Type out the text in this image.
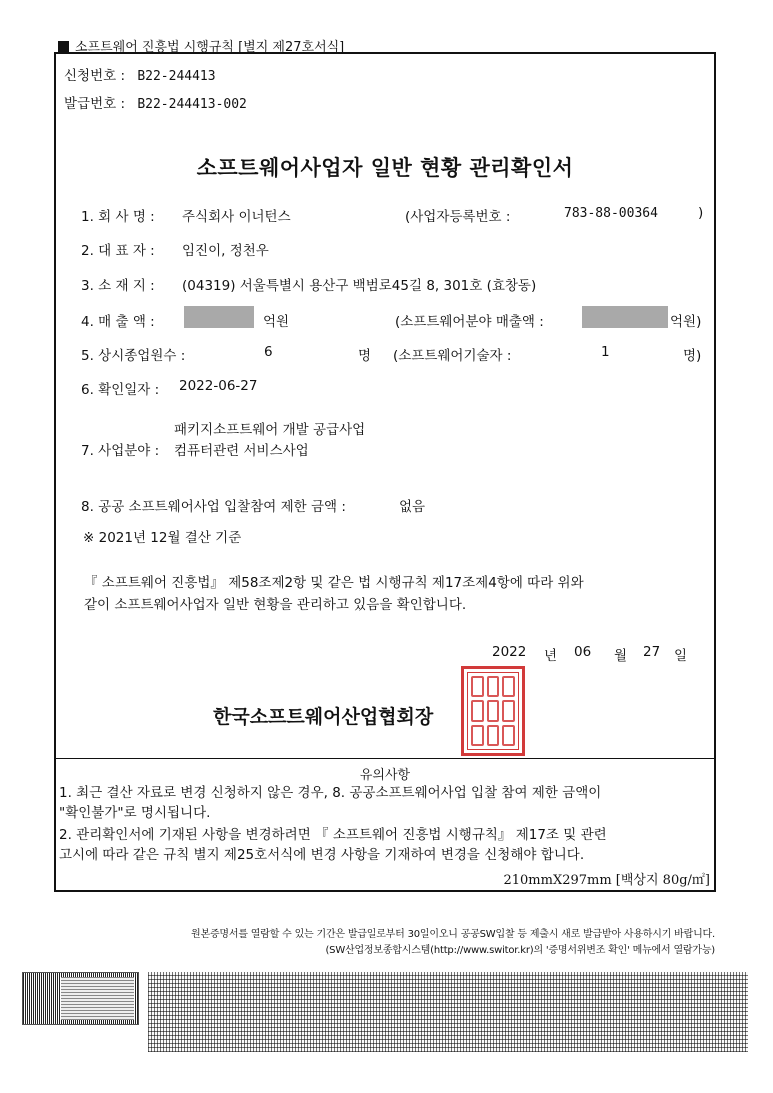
소프트웨어 진흥법 시행규칙 [별지 제27호서식]
신청번호 : B22-244413
발급번호 : B22-244413-002
소프트웨어사업자 일반 현황 관리확인서
1. 회 사 명 : 주식회사 이너턴스	(사업자등록번호 :	783-88-00364	)
2. 대 표 자 : 임진이, 정천우
3. 소 재 지 : (04319) 서울특별시 용산구 백범로45길 8, 301호 (효창동)
4. 매 출 액 :	억원	(소프트웨어분야 매출액 :	억원)
5. 상시종업원수 :	6	명 (소프트웨어기술자 :	1	명)
6. 확인일자 : 2022-06-27
패키지소프트웨어 개발 공급사업
7. 사업분야 : 컴퓨터관련 서비스사업
8. 공공 소프트웨어사업 입찰참여 제한 금액 :	없음
※ 2021년 12월 결산 기준
『 소프트웨어 진흥법』 제58조제2항 및 같은 법 시행규칙 제17조제4항에 따라 위와
같이 소프트웨어사업자 일반 현황을 관리하고 있음을 확인합니다.
2022 년 06 월 27 일
한국소프트웨어산업협회장
유의사항
1. 최근 결산 자료로 변경 신청하지 않은 경우, 8. 공공소프트웨어사업 입찰 참여 제한 금액이
"확인불가"로 명시됩니다.
2. 관리확인서에 기재된 사항을 변경하려면 『 소프트웨어 진흥법 시행규칙』 제17조 및 관련
고시에 따라 같은 규칙 별지 제25호서식에 변경 사항을 기재하여 변경을 신청해야 합니다.
210mmX297mm [백상지 80g/㎡]
원본증명서를 열람할 수 있는 기간은 발급일로부터 30일이오니 공공SW입찰 등 제출시 새로 발급받아 사용하시기 바랍니다.
(SW산업정보종합시스템(http://www.switor.kr)의 '증명서위변조 확인' 메뉴에서 열람가능)
